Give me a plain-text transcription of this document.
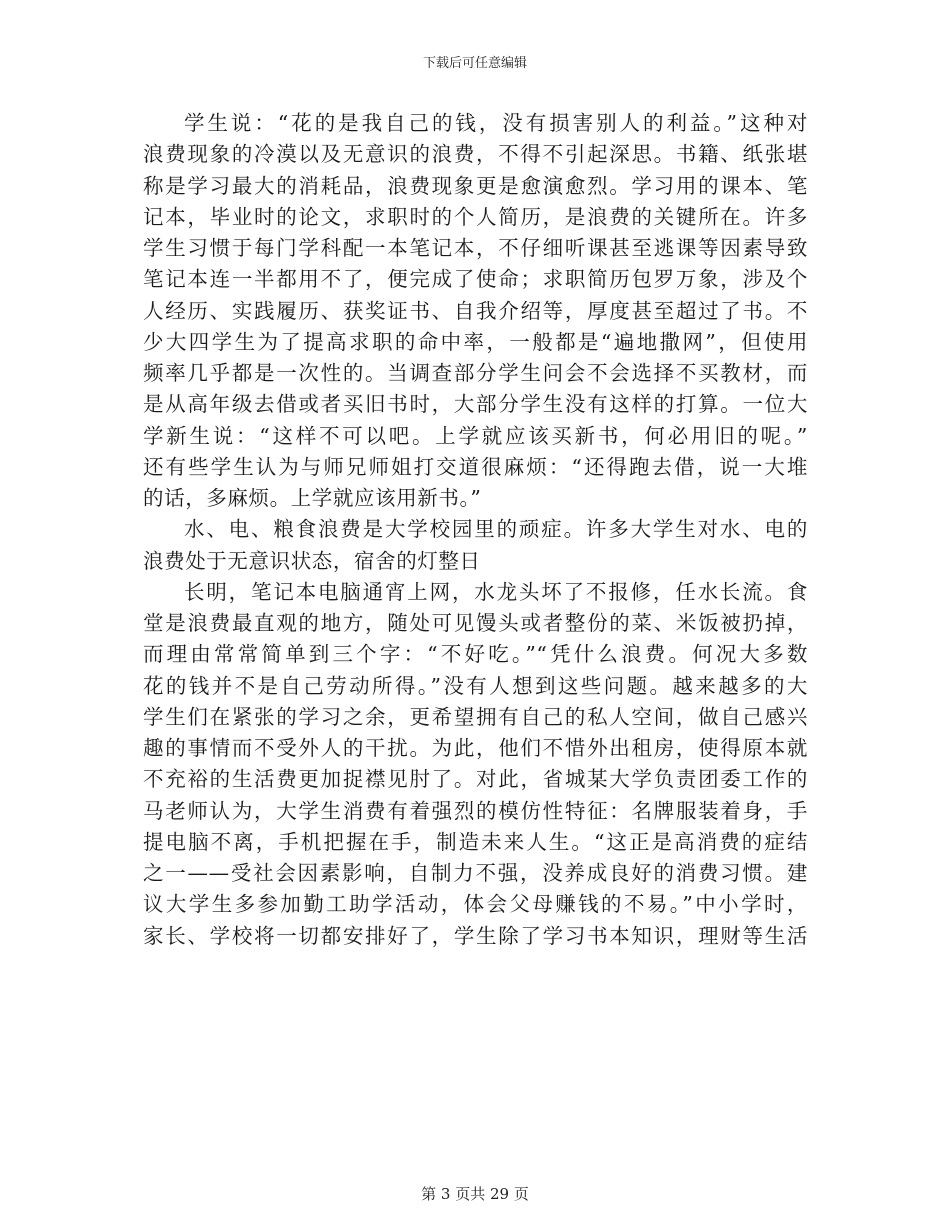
下载后可任意编辑
学生说：“花的是我自己的钱，没有损害别人的利益。”这种对
浪费现象的冷漠以及无意识的浪费，不得不引起深思。书籍、纸张堪
称是学习最大的消耗品，浪费现象更是愈演愈烈。学习用的课本、笔
记本，毕业时的论文，求职时的个人简历，是浪费的关键所在。许多
学生习惯于每门学科配一本笔记本，不仔细听课甚至逃课等因素导致
笔记本连一半都用不了，便完成了使命；求职简历包罗万象，涉及个
人经历、实践履历、获奖证书、自我介绍等，厚度甚至超过了书。不
少大四学生为了提高求职的命中率，一般都是“遍地撒网”，但使用
频率几乎都是一次性的。当调查部分学生问会不会选择不买教材，而
是从高年级去借或者买旧书时，大部分学生没有这样的打算。一位大
学新生说：“这样不可以吧。上学就应该买新书，何必用旧的呢。”
还有些学生认为与师兄师姐打交道很麻烦：“还得跑去借，说一大堆
的话，多麻烦。上学就应该用新书。”
水、电、粮食浪费是大学校园里的顽症。许多大学生对水、电的
浪费处于无意识状态，宿舍的灯整日
长明，笔记本电脑通宵上网，水龙头坏了不报修，任水长流。食
堂是浪费最直观的地方，随处可见馒头或者整份的菜、米饭被扔掉，
而理由常常简单到三个字：“不好吃。”“凭什么浪费。何况大多数
花的钱并不是自己劳动所得。”没有人想到这些问题。越来越多的大
学生们在紧张的学习之余，更希望拥有自己的私人空间，做自己感兴
趣的事情而不受外人的干扰。为此，他们不惜外出租房，使得原本就
不充裕的生活费更加捉襟见肘了。对此，省城某大学负责团委工作的
马老师认为，大学生消费有着强烈的模仿性特征：名牌服装着身，手
提电脑不离，手机把握在手，制造未来人生。“这正是高消费的症结
之一——受社会因素影响，自制力不强，没养成良好的消费习惯。建
议大学生多参加勤工助学活动，体会父母赚钱的不易。”中小学时，
家长、学校将一切都安排好了，学生除了学习书本知识，理财等生活
第 3 页共 29 页
